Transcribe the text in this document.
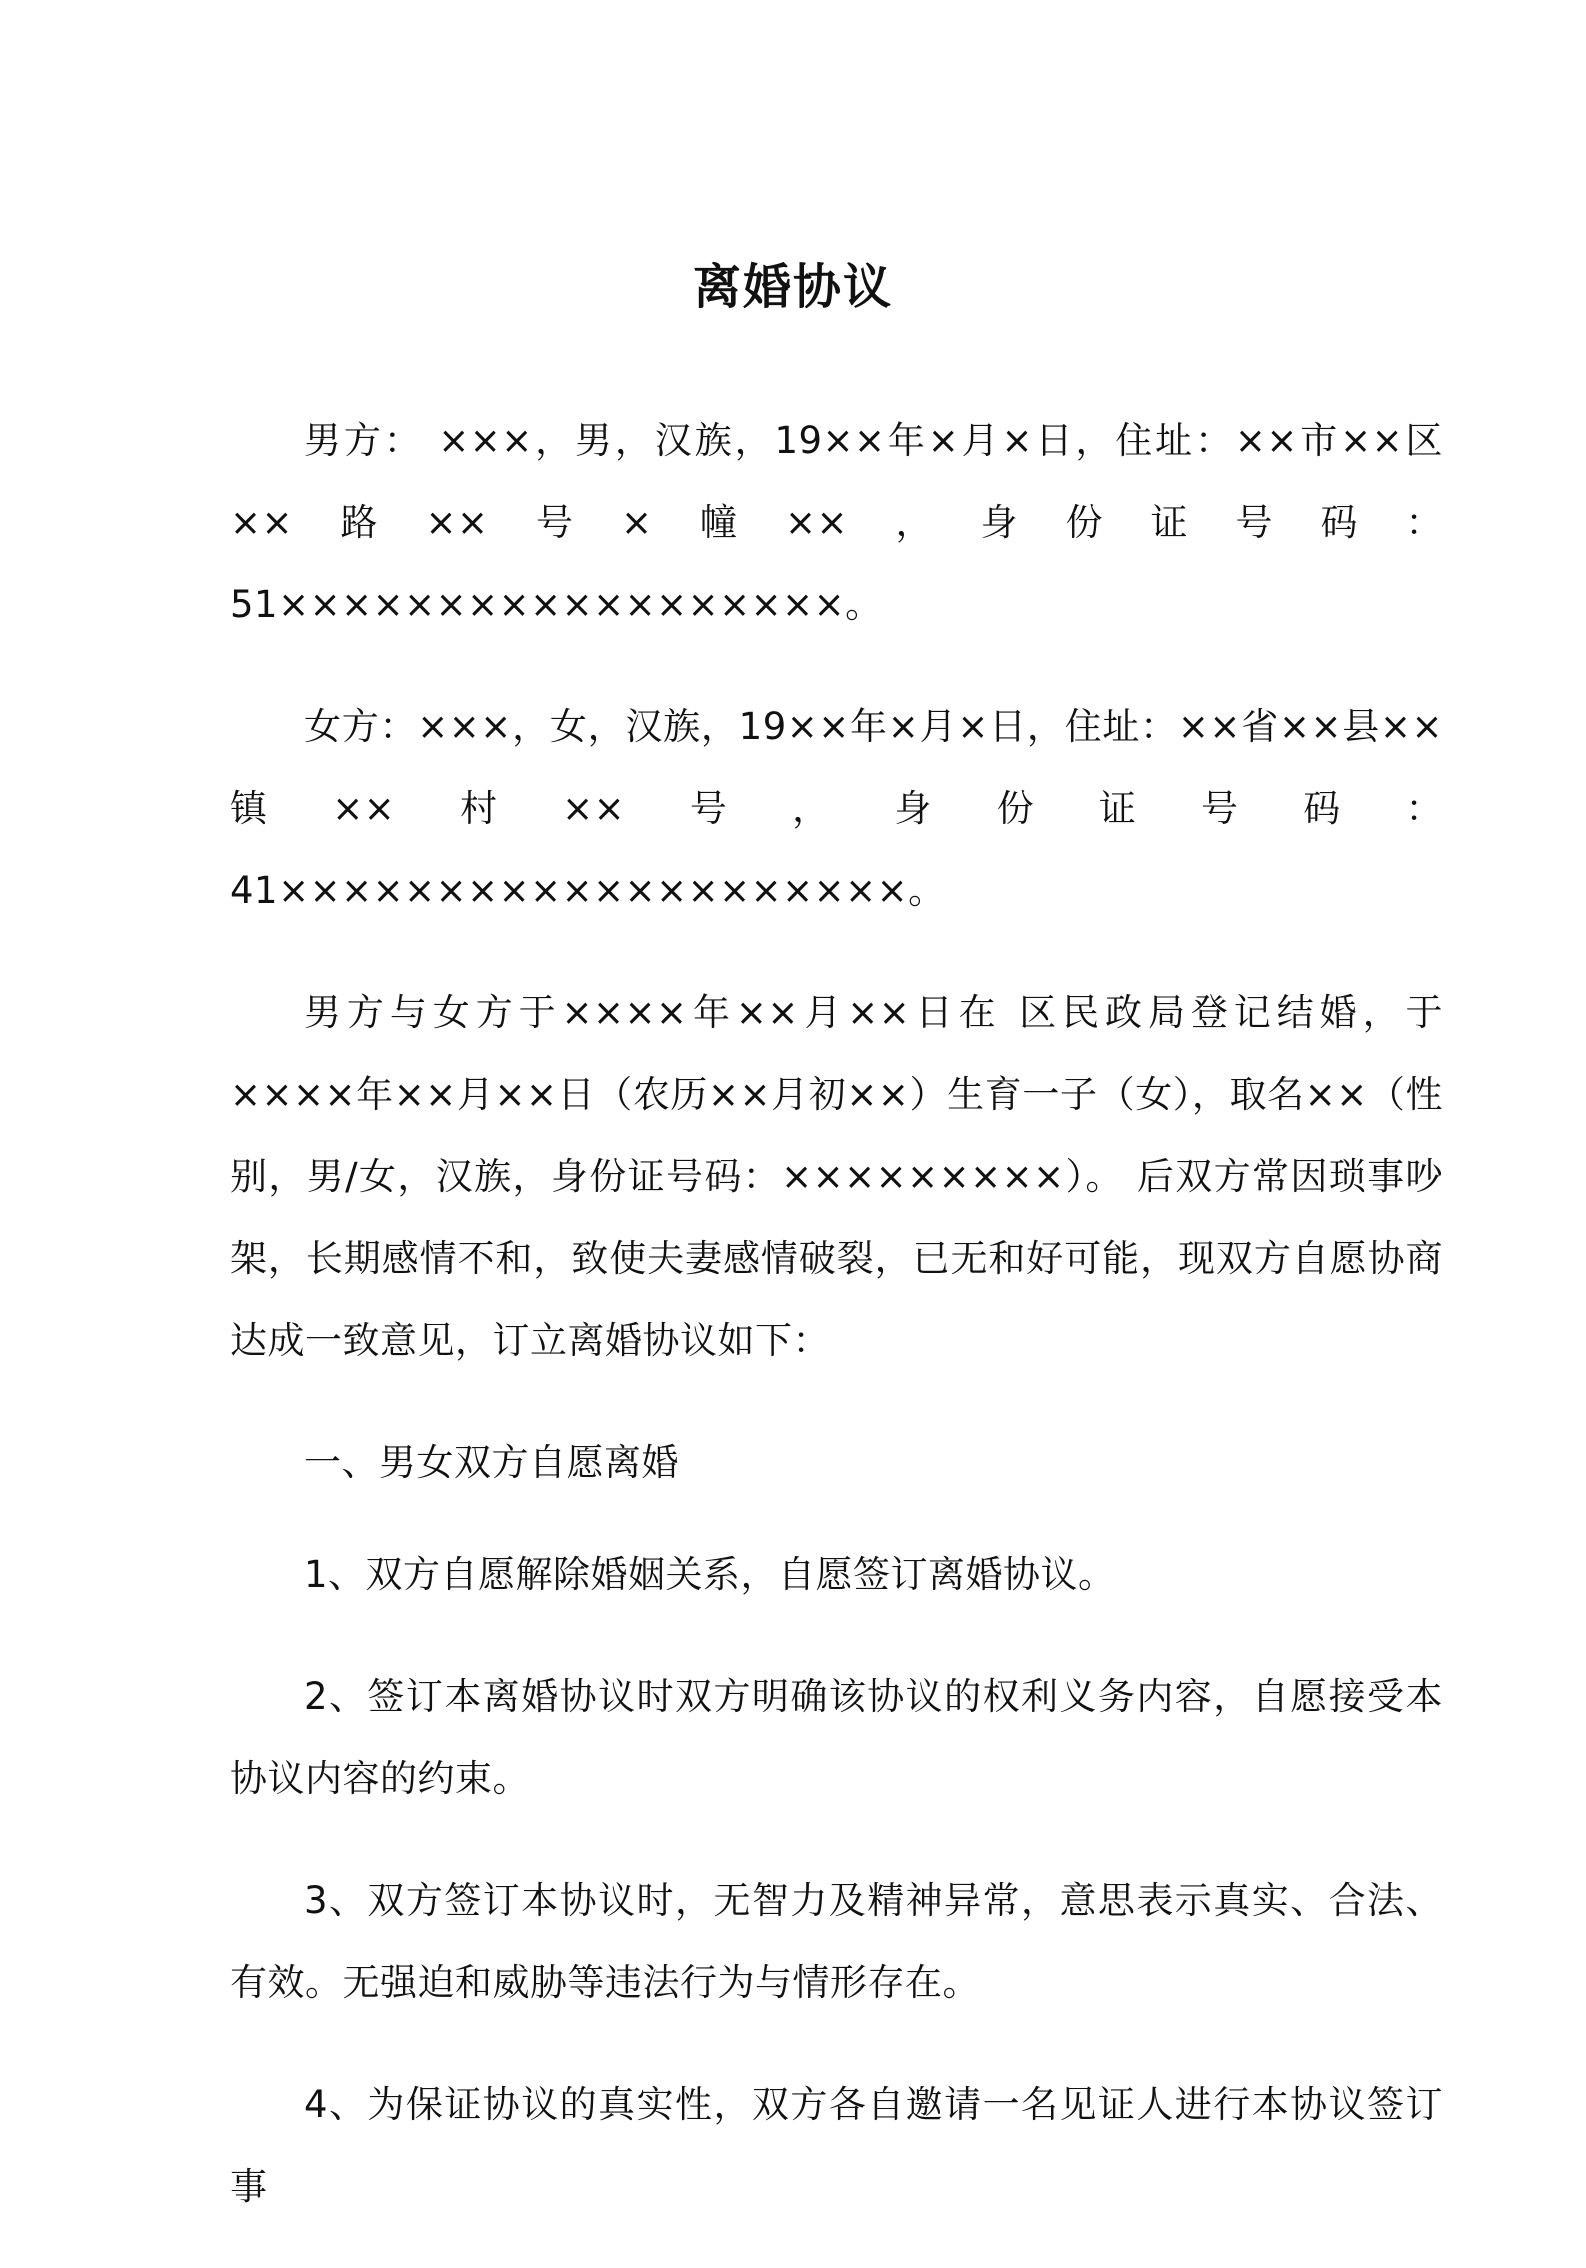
离婚协议

男方： ×××，男，汉族，19××年×月×日，住址：××市××区××路××号×幢××，身份证号码：51××××××××××××××××××。

女方：×××，女，汉族，19××年×月×日，住址：××省××县××镇××村××号，身份证号码：41××××××××××××××××××××。

男方与女方于××××年××月××日在 区民政局登记结婚，于××××年××月××日（农历××月初××）生育一子（女），取名××（性别，男/女，汉族，身份证号码：×××××××××）。 后双方常因琐事吵架，长期感情不和，致使夫妻感情破裂，已无和好可能，现双方自愿协商达成一致意见，订立离婚协议如下：

一、男女双方自愿离婚

1、双方自愿解除婚姻关系，自愿签订离婚协议。

2、签订本离婚协议时双方明确该协议的权利义务内容，自愿接受本协议内容的约束。

3、双方签订本协议时，无智力及精神异常，意思表示真实、合法、有效。无强迫和威胁等违法行为与情形存在。

4、为保证协议的真实性，双方各自邀请一名见证人进行本协议签订事
